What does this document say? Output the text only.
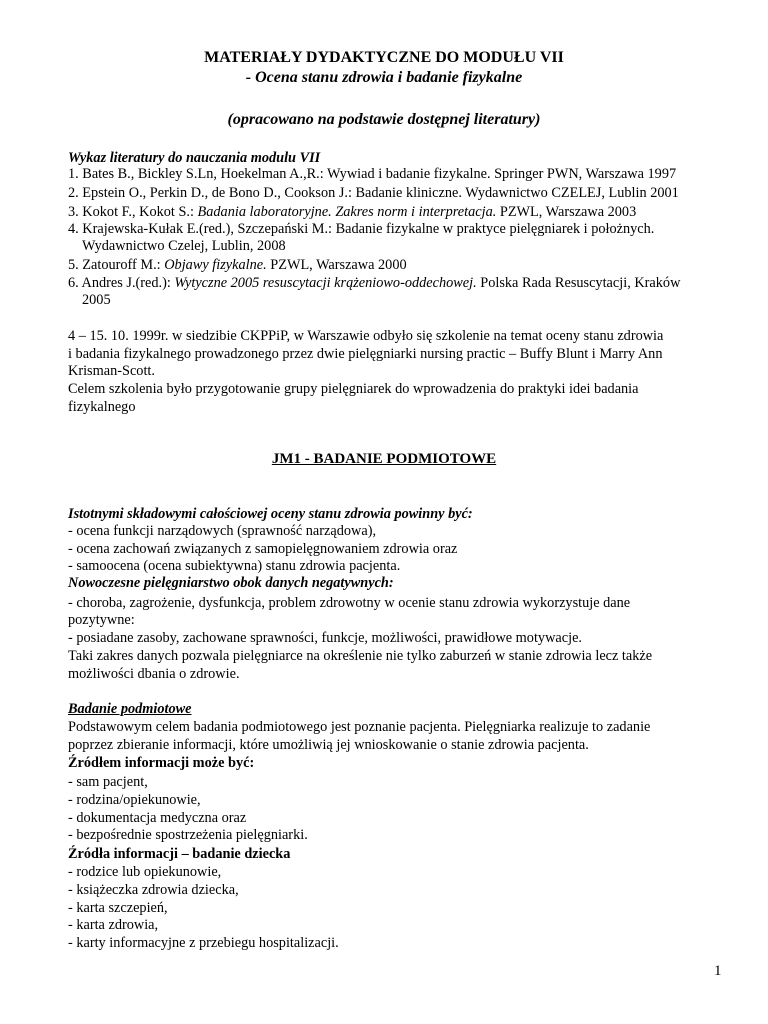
MATERIAŁY DYDAKTYCZNE DO MODUŁU VII

- Ocena stanu zdrowia i badanie fizykalne

(opracowano na podstawie dostępnej literatury)

Wykaz literatury do nauczania modulu VII

1. Bates B., Bickley S.Ln, Hoekelman A.,R.: Wywiad i badanie fizykalne. Springer PWN, Warszawa 1997

2. Epstein O., Perkin D., de Bono D., Cookson J.: Badanie kliniczne. Wydawnictwo CZELEJ, Lublin 2001

3. Kokot F., Kokot S.: Badania laboratoryjne. Zakres norm i interpretacja. PZWL, Warszawa 2003

4. Krajewska-Kułak E.(red.), Szczepański M.: Badanie fizykalne w praktyce pielęgniarek i położnych.

Wydawnictwo Czelej, Lublin, 2008

5. Zatouroff M.: Objawy fizykalne. PZWL, Warszawa 2000

6. Andres J.(red.): Wytyczne 2005 resuscytacji krążeniowo-oddechowej. Polska Rada Resuscytacji, Kraków

2005

4 – 15. 10. 1999r. w siedzibie CKPPiP, w Warszawie odbyło się szkolenie na temat oceny stanu zdrowia

i badania fizykalnego prowadzonego przez dwie pielęgniarki nursing practic – Buffy Blunt i Marry Ann

Krisman-Scott.

Celem szkolenia było przygotowanie grupy pielęgniarek do wprowadzenia do praktyki idei badania

fizykalnego

JM1 - BADANIE PODMIOTOWE

Istotnymi składowymi całościowej oceny stanu zdrowia powinny być:

- ocena funkcji narządowych (sprawność narządowa),

- ocena zachowań związanych z samopielęgnowaniem zdrowia oraz

- samoocena (ocena subiektywna) stanu zdrowia pacjenta.

Nowoczesne pielęgniarstwo obok danych negatywnych:

- choroba, zagrożenie, dysfunkcja, problem zdrowotny w ocenie stanu zdrowia wykorzystuje dane

pozytywne:

- posiadane zasoby, zachowane sprawności, funkcje, możliwości, prawidłowe motywacje.

Taki zakres danych pozwala pielęgniarce na określenie nie tylko zaburzeń w stanie zdrowia lecz także

możliwości dbania o zdrowie.

Badanie podmiotowe

Podstawowym celem badania podmiotowego jest poznanie pacjenta. Pielęgniarka realizuje to zadanie

poprzez zbieranie informacji, które umożliwią jej wnioskowanie o stanie zdrowia pacjenta.

Źródłem informacji może być:

- sam pacjent,

- rodzina/opiekunowie,

- dokumentacja medyczna oraz

- bezpośrednie spostrzeżenia pielęgniarki.

Źródła informacji – badanie dziecka

- rodzice lub opiekunowie,

- książeczka zdrowia dziecka,

- karta szczepień,

- karta zdrowia,

- karty informacyjne z przebiegu hospitalizacji.

1
